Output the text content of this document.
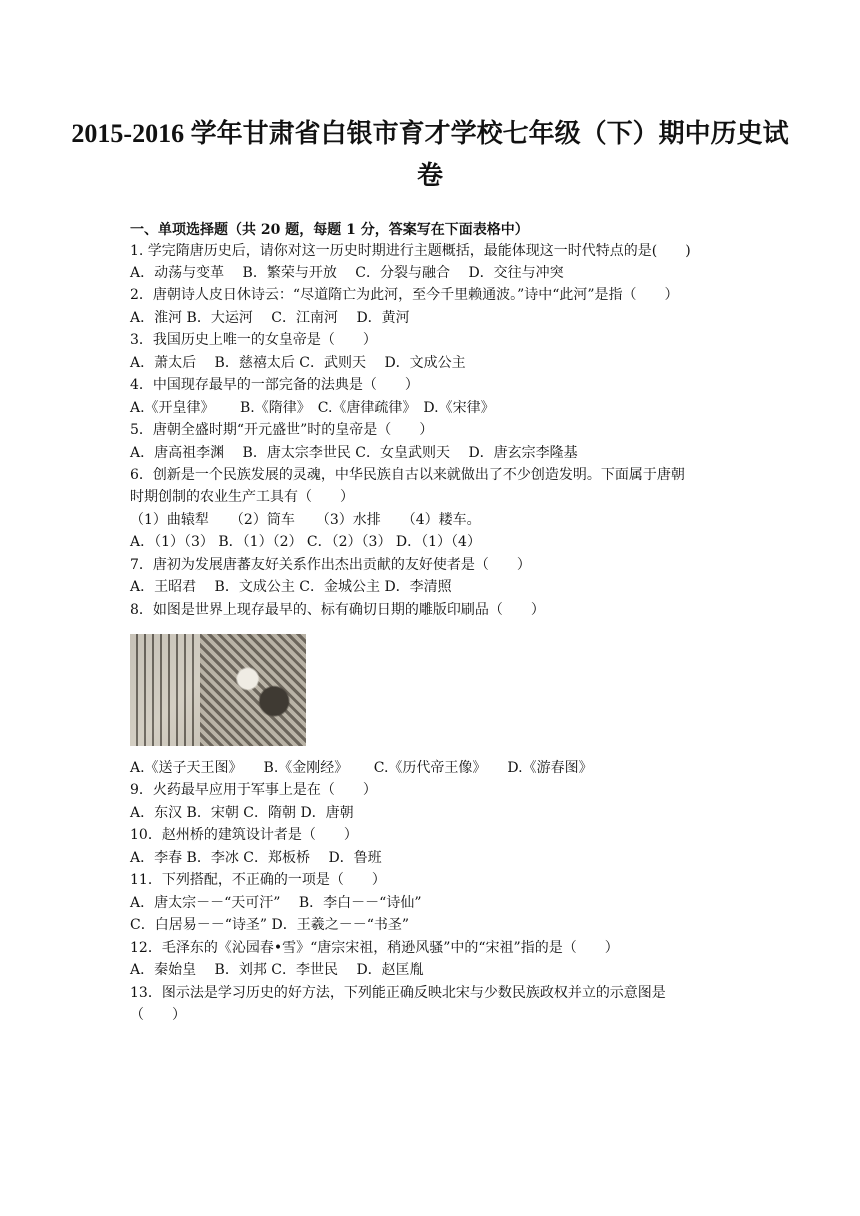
2015-2016 学年甘肃省白银市育才学校七年级（下）期中历史试
卷
一、单项选择题（共 20 题，每题 1 分，答案写在下面表格中）
1. 学完隋唐历史后，请你对这一历史时期进行主题概括，最能体现这一时代特点的是(　　)
A．动荡与变革　 B．繁荣与开放　 C．分裂与融合　 D．交往与冲突
2．唐朝诗人皮日休诗云：“尽道隋亡为此河，至今千里赖通波。”诗中“此河”是指（　　）
A．淮河 B．大运河　 C．江南河　 D．黄河
3．我国历史上唯一的女皇帝是（　　）
A．萧太后　 B．慈禧太后 C．武则天　 D．文成公主
4．中国现存最早的一部完备的法典是（　　）
A.《开皇律》　　 B.《隋律》　C.《唐律疏律》　D.《宋律》
5．唐朝全盛时期“开元盛世”时的皇帝是（　　）
A．唐高祖李渊　 B．唐太宗李世民 C．女皇武则天　 D．唐玄宗李隆基
6．创新是一个民族发展的灵魂，中华民族自古以来就做出了不少创造发明。下面属于唐朝
时期创制的农业生产工具有（　　）
（1）曲辕犁　　（2）筒车　　（3）水排　　（4）耧车。
A．（1）（3） B．（1）（2） C．（2）（3） D．（1）（4）
7．唐初为发展唐蕃友好关系作出杰出贡献的友好使者是（　　）
A．王昭君　 B．文成公主 C．金城公主 D．李清照
8．如图是世界上现存最早的、标有确切日期的雕版印刷品（　　）
A.《送子天王图》　　B.《金刚经》　　 C.《历代帝王像》　　D.《游春图》
9．火药最早应用于军事上是在（　　）
A．东汉 B．宋朝 C．隋朝 D．唐朝
10．赵州桥的建筑设计者是（　　）
A．李春 B．李冰 C．郑板桥　 D．鲁班
11．下列搭配，不正确的一项是（　　）
A．唐太宗－－“天可汗”　 B．李白－－“诗仙”
C．白居易－－“诗圣” D．王羲之－－“书圣”
12．毛泽东的《沁园春•雪》“唐宗宋祖，稍逊风骚”中的“宋祖”指的是（　　）
A．秦始皇　 B．刘邦 C．李世民　 D．赵匡胤
13．图示法是学习历史的好方法，下列能正确反映北宋与少数民族政权并立的示意图是
（　　）
